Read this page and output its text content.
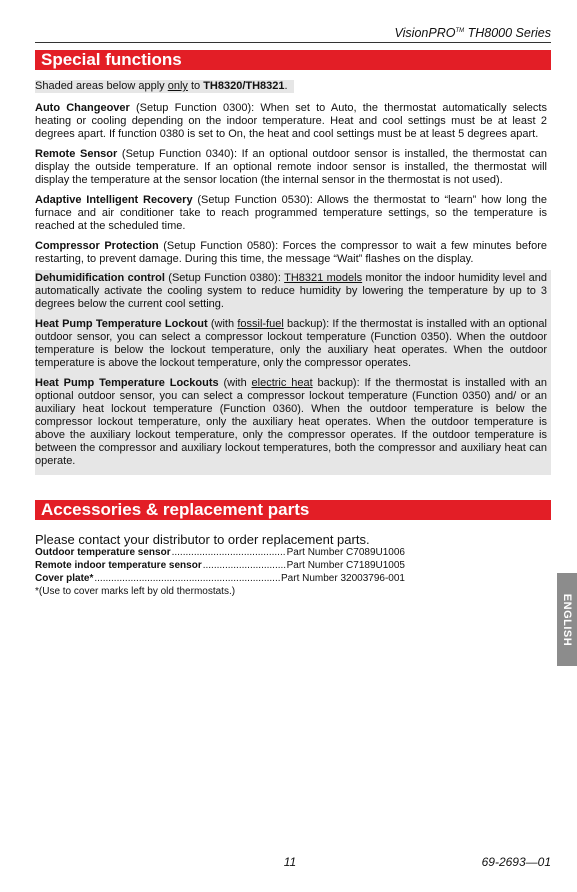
VisionPRO™ TH8000 Series
Special functions
Shaded areas below apply only to TH8320/TH8321.
Auto Changeover (Setup Function 0300): When set to Auto, the thermostat automatically selects heating or cooling depending on the indoor temperature. Heat and cool settings must be at least 2 degrees apart. If function 0380 is set to On, the heat and cool settings must be at least 5 degrees apart.
Remote Sensor (Setup Function 0340): If an optional outdoor sensor is installed, the thermostat can display the outside temperature. If an optional remote indoor sensor is installed, the thermostat will display the temperature at the sensor location (the internal sensor in the thermostat is not used).
Adaptive Intelligent Recovery (Setup Function 0530): Allows the thermostat to “learn” how long the furnace and air conditioner take to reach programmed temperature settings, so the temperature is reached at the scheduled time.
Compressor Protection (Setup Function 0580): Forces the compressor to wait a few minutes before restarting, to prevent damage. During this time, the message “Wait” flashes on the display.
Dehumidification control (Setup Function 0380): TH8321 models monitor the indoor humidity level and automatically activate the cooling system to reduce humidity by lowering the temperature by up to 3 degrees below the current cool setting.
Heat Pump Temperature Lockout (with fossil-fuel backup): If the thermostat is installed with an optional outdoor sensor, you can select a compressor lockout temperature (Function 0350). When the outdoor temperature is below the lockout temperature, only the auxiliary heat operates. When the outdoor temperature is above the lockout temperature, only the compressor operates.
Heat Pump Temperature Lockouts (with electric heat backup): If the thermostat is installed with an optional outdoor sensor, you can select a compressor lockout temperature (Function 0350) and/ or an auxiliary heat lockout temperature (Function 0360). When the outdoor temperature is below the compressor lockout temperature, only the auxiliary heat operates. When the outdoor temperature is above the auxiliary lockout temperature, only the compressor operates. If the outdoor temperature is between the compressor and auxiliary lockout temperatures, both the compressor and auxiliary heat can operate.
Accessories & replacement parts
Please contact your distributor to order replacement parts.
Outdoor temperature sensor .....	Part Number C7089U1006
Remote indoor temperature sensor .....	Part Number C7189U1005
Cover plate* .....	Part Number 32003796-001
*(Use to cover marks left by old thermostats.)
ENGLISH
11	69-2693—01
